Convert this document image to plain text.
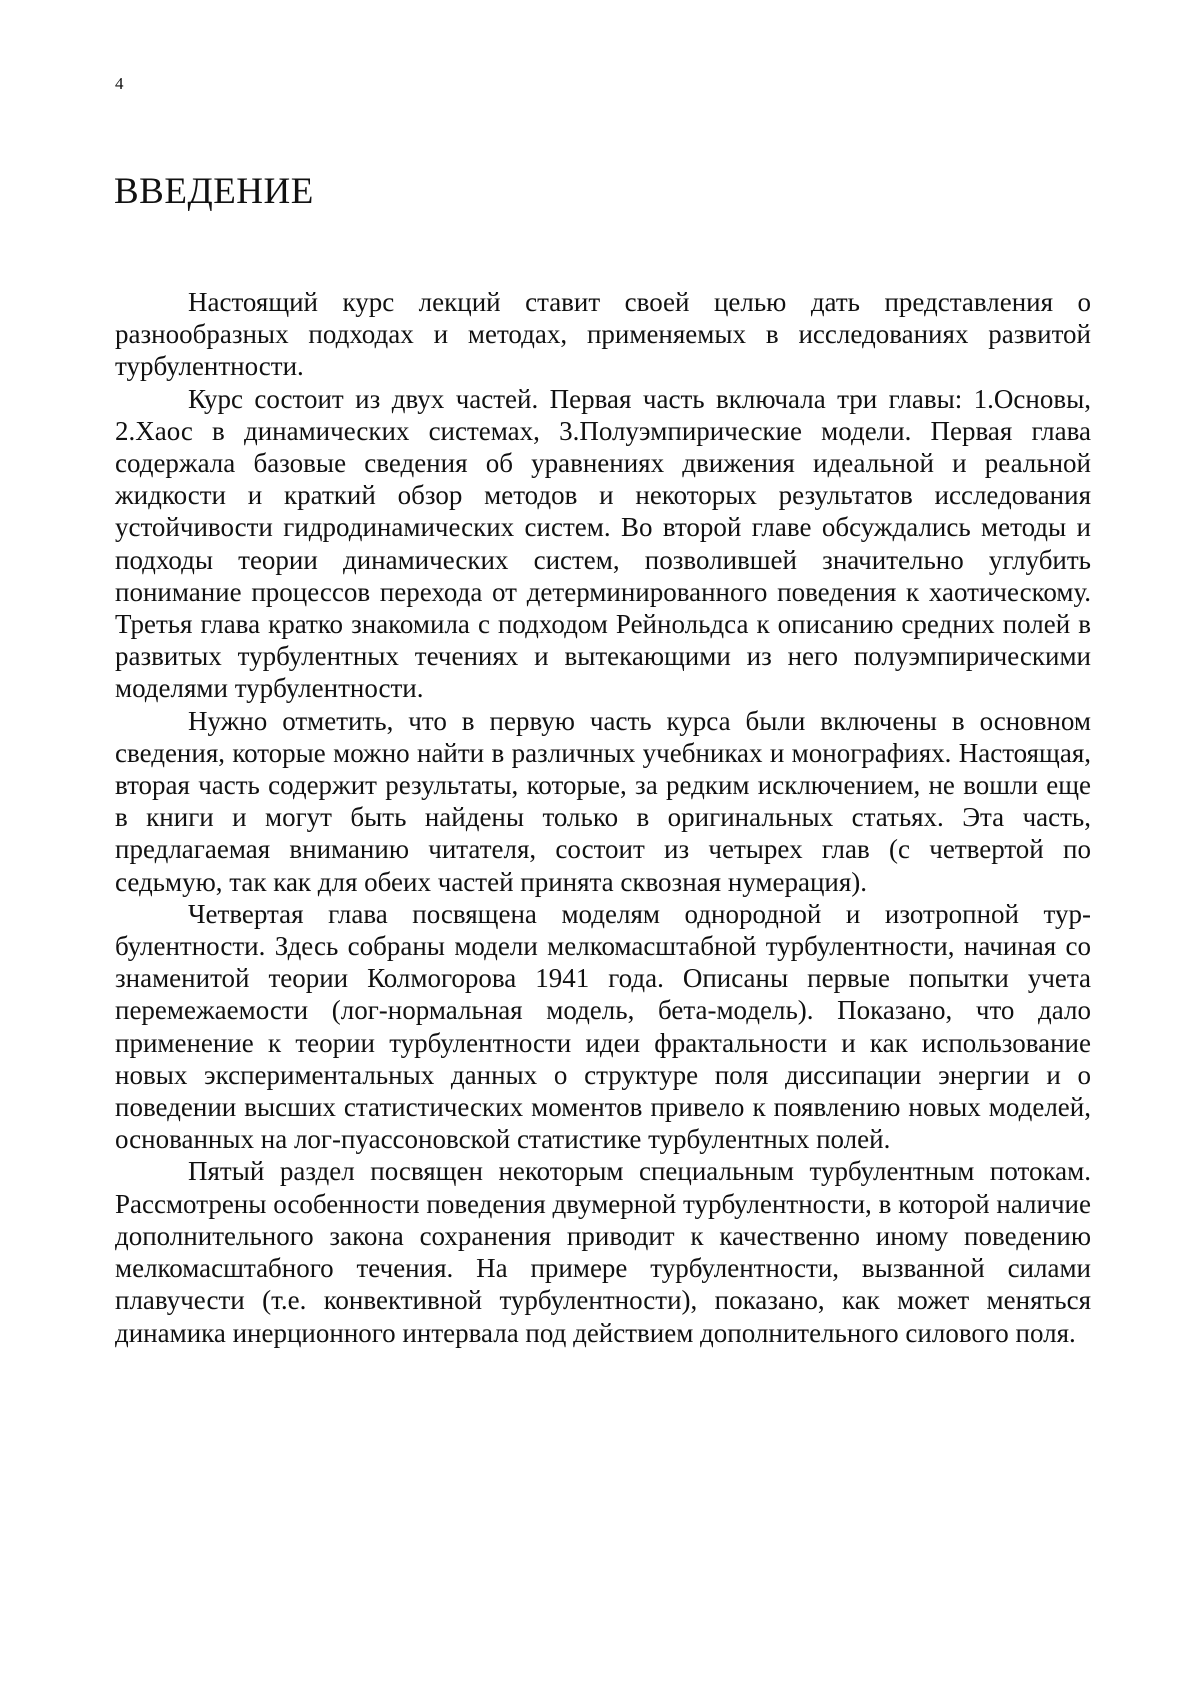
4
ВВЕДЕНИЕ

Настоящий курс лекций ставит своей целью дать представления о разнообразных подходах и методах, применяемых в исследованиях развитой турбулентности.

Курс состоит из двух частей. Первая часть включала три главы: 1.Основы, 2.Хаос в динамических системах, 3.Полуэмпирические модели. Первая глава содержала базовые сведения об уравнениях движения идеальной и реальной жидкости и краткий обзор методов и некоторых результатов исследования устойчивости гидродинамических систем. Во второй главе обсуждались методы и подходы теории динамических систем, позволившей значительно углубить понимание процессов перехода от детерминированного поведения к хаотическому. Третья глава кратко знакомила с подходом Рейнольдса к описанию средних полей в развитых турбулентных течениях и вытекающими из него полуэмпирическими моделями турбулентности.

Нужно отметить, что в первую часть курса были включены в основном сведения, которые можно найти в различных учебниках и монографиях. Настоящая, вторая часть содержит результаты, которые, за редким исключением, не вошли еще в книги и могут быть найдены только в оригинальных статьях. Эта часть, предлагаемая вниманию читателя, состоит из четырех глав (с четвертой по седьмую, так как для обеих частей принята сквозная нумерация).

Четвертая глава посвящена моделям однородной и изотропной турбулентности. Здесь собраны модели мелкомасштабной турбулентности, начиная со знаменитой теории Колмогорова 1941 года. Описаны первые попытки учета перемежаемости (лог-нормальная модель, бета-модель). Показано, что дало применение к теории турбулентности идеи фрактальности и как использование новых экспериментальных данных о структуре поля диссипации энергии и о поведении высших статистических моментов привело к появлению новых моделей, основанных на лог-пуассоновской статистике турбулентных полей.

Пятый раздел посвящен некоторым специальным турбулентным потокам. Рассмотрены особенности поведения двумерной турбулентности, в которой наличие дополнительного закона сохранения приводит к качественно иному поведению мелкомасштабного течения. На примере турбулентности, вызванной силами плавучести (т.е. конвективной турбулентности), показано, как может меняться динамика инерционного интервала под действием дополнительного силового поля.
